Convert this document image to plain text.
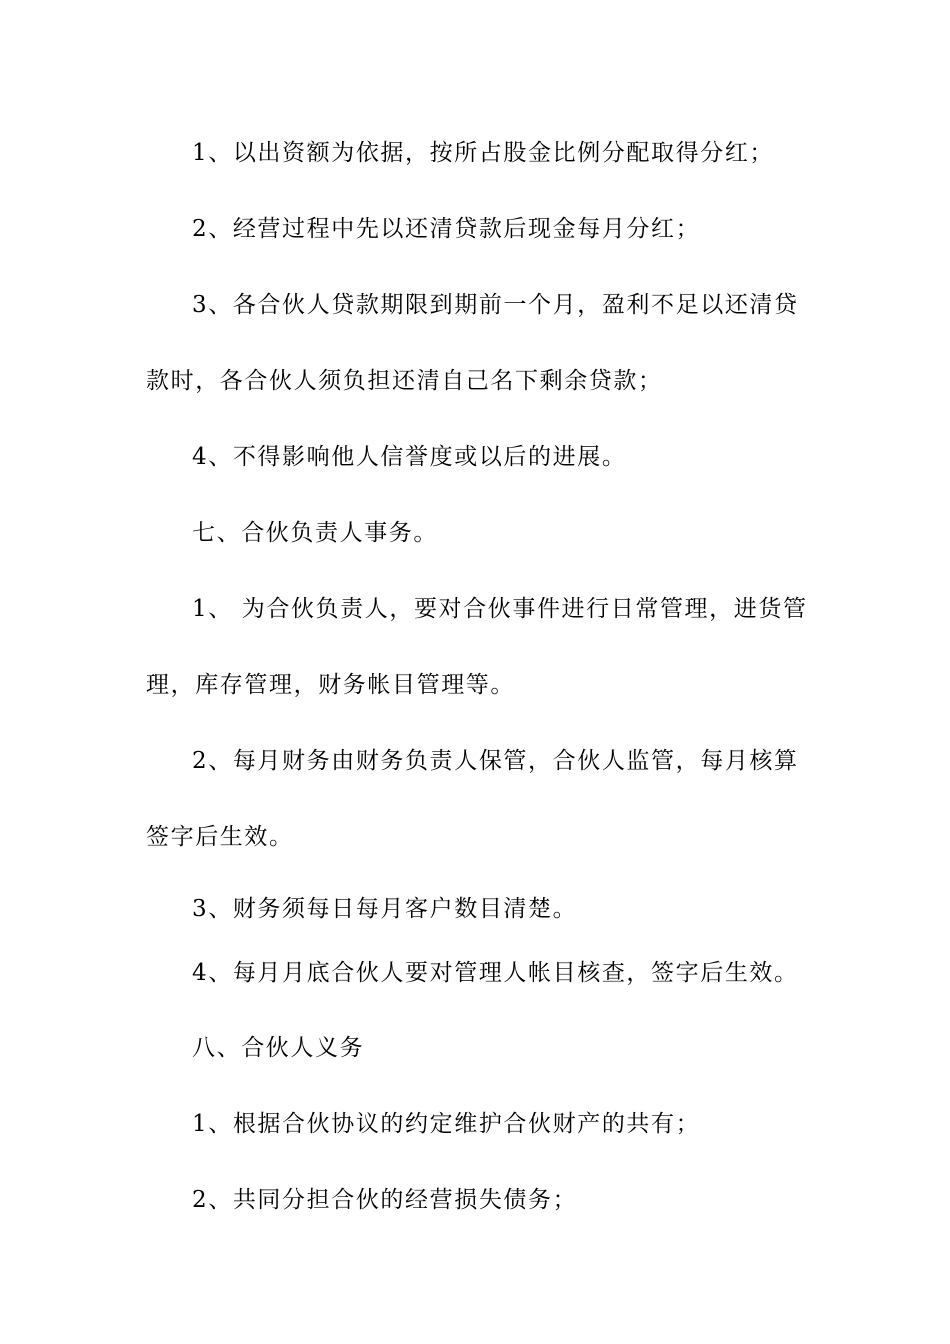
1、以出资额为依据，按所占股金比例分配取得分红；

2、经营过程中先以还清贷款后现金每月分红；

3、各合伙人贷款期限到期前一个月，盈利不足以还清贷款时，各合伙人须负担还清自己名下剩余贷款；

4、不得影响他人信誉度或以后的进展。

七、合伙负责人事务。

1、 为合伙负责人，要对合伙事件进行日常管理，进货管理，库存管理，财务帐目管理等。

2、每月财务由财务负责人保管，合伙人监管，每月核算签字后生效。

3、财务须每日每月客户数目清楚。

4、每月月底合伙人要对管理人帐目核查，签字后生效。

八、合伙人义务

1、根据合伙协议的约定维护合伙财产的共有；

2、共同分担合伙的经营损失债务；
